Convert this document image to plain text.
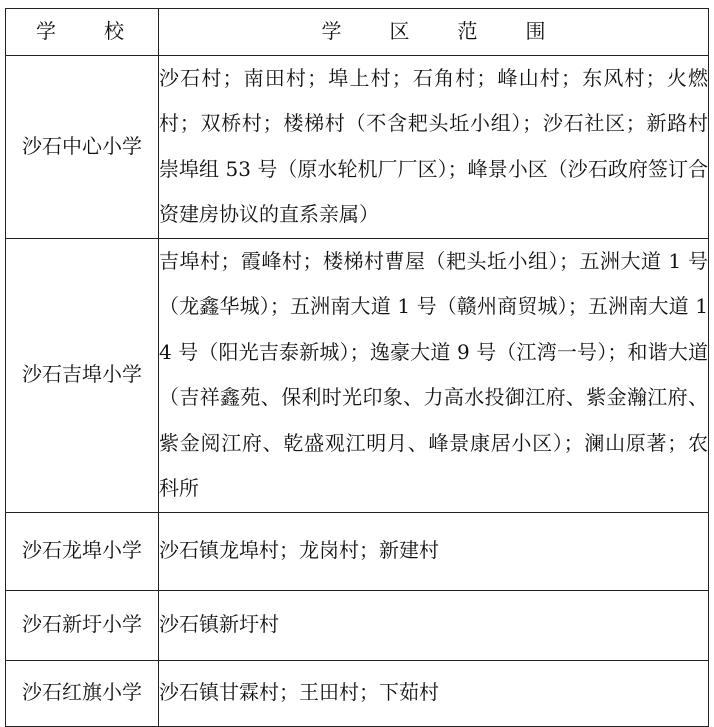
学　校	学　区　范　围
沙石中心小学	沙石村；南田村；埠上村；石角村；峰山村；东风村；火燃村；双桥村；楼梯村（不含耙头坵小组）；沙石社区；新路村崇埠组 53 号（原水轮机厂厂区）；峰景小区（沙石政府签订合资建房协议的直系亲属）
沙石吉埠小学	吉埠村；霞峰村；楼梯村曹屋（耙头坵小组）；五洲大道 1 号（龙鑫华城）；五洲南大道 1 号（赣州商贸城）；五洲南大道 14 号（阳光吉泰新城）；逸豪大道 9 号（江湾一号）；和谐大道（吉祥鑫苑、保利时光印象、力高水投御江府、紫金瀚江府、紫金阅江府、乾盛观江明月、峰景康居小区）；澜山原著；农科所
沙石龙埠小学	沙石镇龙埠村；龙岗村；新建村
沙石新圩小学	沙石镇新圩村
沙石红旗小学	沙石镇甘霖村；王田村；下茹村
